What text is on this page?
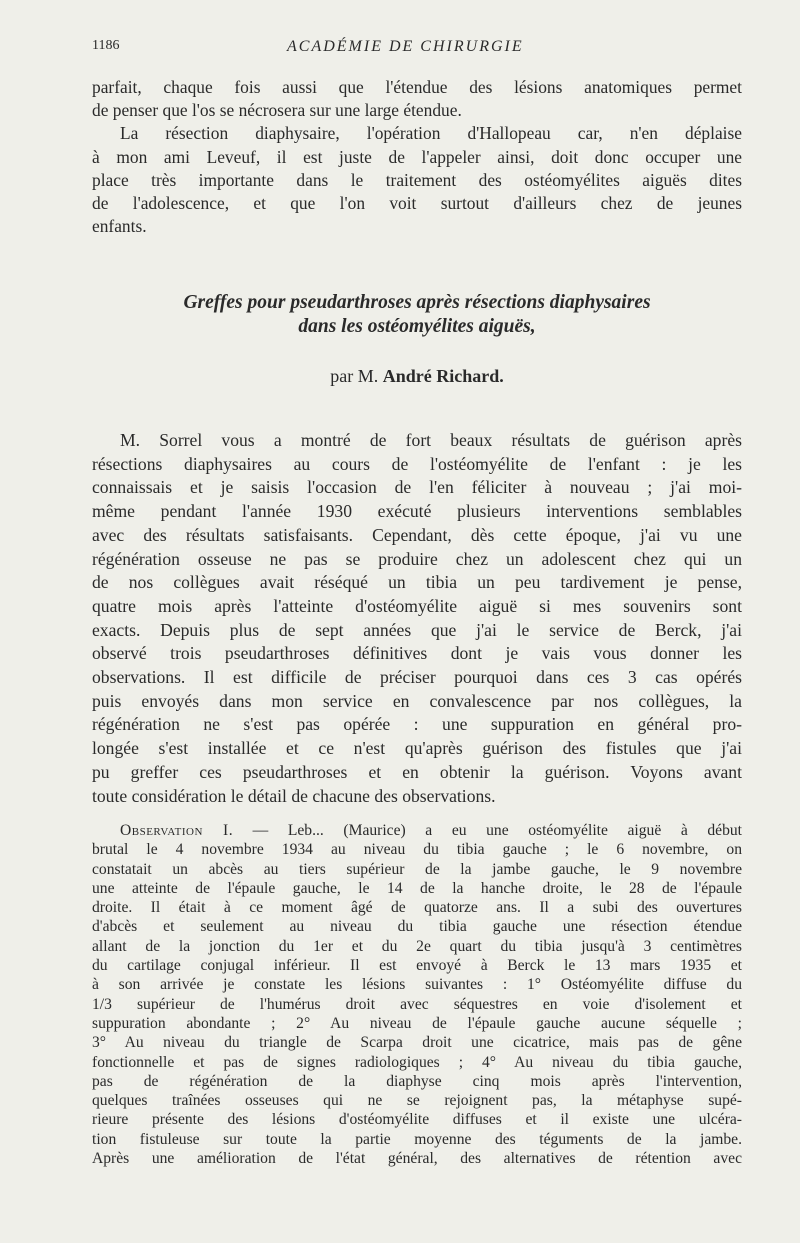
1186	ACADÉMIE DE CHIRURGIE
parfait, chaque fois aussi que l'étendue des lésions anatomiques permet
de penser que l'os se nécrosera sur une large étendue.
La résection diaphysaire, l'opération d'Hallopeau car, n'en déplaise
à mon ami Leveuf, il est juste de l'appeler ainsi, doit donc occuper une
place très importante dans le traitement des ostéomyélites aiguës dites
de l'adolescence, et que l'on voit surtout d'ailleurs chez de jeunes
enfants.
Greffes pour pseudarthroses après résections diaphysaires
dans les ostéomyélites aiguës,
par M. André Richard.
M. Sorrel vous a montré de fort beaux résultats de guérison après
résections diaphysaires au cours de l'ostéomyélite de l'enfant : je les
connaissais et je saisis l'occasion de l'en féliciter à nouveau ; j'ai moi-
même pendant l'année 1930 exécuté plusieurs interventions semblables
avec des résultats satisfaisants. Cependant, dès cette époque, j'ai vu une
régénération osseuse ne pas se produire chez un adolescent chez qui un
de nos collègues avait réséqué un tibia un peu tardivement je pense,
quatre mois après l'atteinte d'ostéomyélite aiguë si mes souvenirs sont
exacts. Depuis plus de sept années que j'ai le service de Berck, j'ai
observé trois pseudarthroses définitives dont je vais vous donner les
observations. Il est difficile de préciser pourquoi dans ces 3 cas opérés
puis envoyés dans mon service en convalescence par nos collègues, la
régénération ne s'est pas opérée : une suppuration en général pro-
longée s'est installée et ce n'est qu'après guérison des fistules que j'ai
pu greffer ces pseudarthroses et en obtenir la guérison. Voyons avant
toute considération le détail de chacune des observations.
Observation I. — Leb... (Maurice) a eu une ostéomyélite aiguë à début
brutal le 4 novembre 1934 au niveau du tibia gauche ; le 6 novembre, on
constatait un abcès au tiers supérieur de la jambe gauche, le 9 novembre
une atteinte de l'épaule gauche, le 14 de la hanche droite, le 28 de l'épaule
droite. Il était à ce moment âgé de quatorze ans. Il a subi des ouvertures
d'abcès et seulement au niveau du tibia gauche une résection étendue
allant de la jonction du 1er et du 2e quart du tibia jusqu'à 3 centimètres
du cartilage conjugal inférieur. Il est envoyé à Berck le 13 mars 1935 et
à son arrivée je constate les lésions suivantes : 1° Ostéomyélite diffuse du
1/3 supérieur de l'humérus droit avec séquestres en voie d'isolement et
suppuration abondante ; 2° Au niveau de l'épaule gauche aucune séquelle ;
3° Au niveau du triangle de Scarpa droit une cicatrice, mais pas de gêne
fonctionnelle et pas de signes radiologiques ; 4° Au niveau du tibia gauche,
pas de régénération de la diaphyse cinq mois après l'intervention,
quelques traînées osseuses qui ne se rejoignent pas, la métaphyse supé-
rieure présente des lésions d'ostéomyélite diffuses et il existe une ulcéra-
tion fistuleuse sur toute la partie moyenne des téguments de la jambe.
Après une amélioration de l'état général, des alternatives de rétention avec
